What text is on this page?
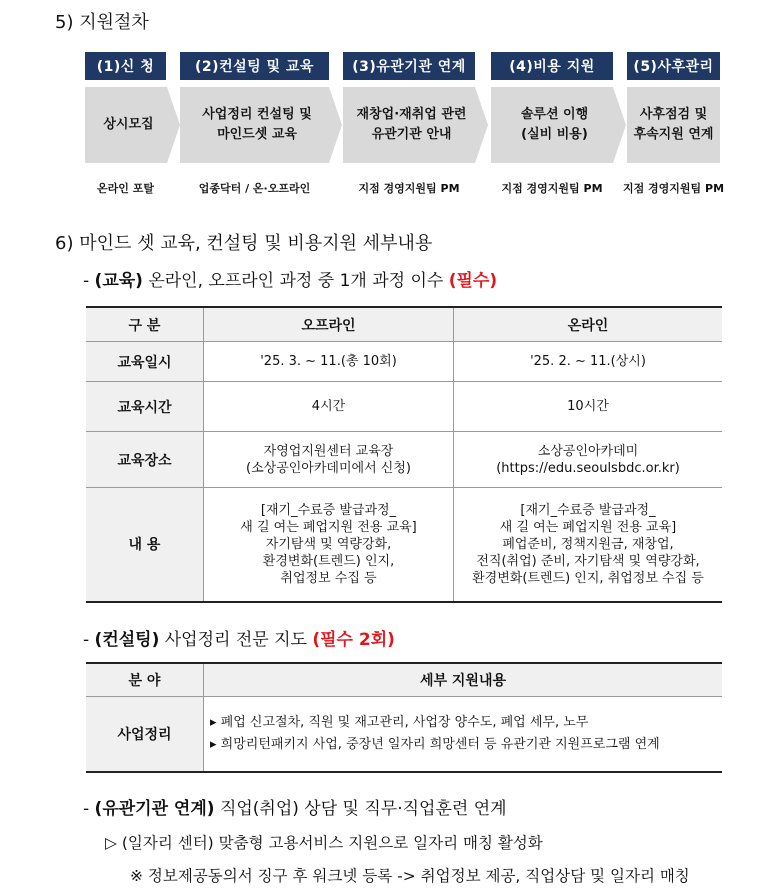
5) 지원절차
(1)신 청
상시모집
온라인 포탈
(2)컨설팅 및 교육
사업정리 컨설팅 및
마인드셋 교육
업종닥터 / 온·오프라인
(3)유관기관 연계
재창업·재취업 관련
유관기관 안내
지점 경영지원팀 PM
(4)비용 지원
솔루션 이행
(실비 비용)
지점 경영지원팀 PM
(5)사후관리
사후점검 및
후속지원 연계
지점 경영지원팀 PM
6) 마인드 셋 교육, 컨설팅 및 비용지원 세부내용
- (교육) 온라인, 오프라인 과정 중 1개 과정 이수 (필수)
구 분	오프라인	온라인
교육일시	'25. 3. ~ 11.(총 10회)	'25. 2. ~ 11.(상시)
교육시간	4시간	10시간
교육장소	자영업지원센터 교육장
(소상공인아카데미에서 신청)	소상공인아카데미
(https://edu.seoulsbdc.or.kr)
내 용	[재기_수료증 발급과정_
새 길 여는 폐업지원 전용 교육]
자기탐색 및 역량강화,
환경변화(트렌드) 인지,
취업정보 수집 등	[재기_수료증 발급과정_
새 길 여는 폐업지원 전용 교육]
폐업준비, 정책지원금, 재창업,
전직(취업) 준비, 자기탐색 및 역량강화,
환경변화(트렌드) 인지, 취업정보 수집 등
- (컨설팅) 사업정리 전문 지도 (필수 2회)
분 야	세부 지원내용
사업정리	▸ 폐업 신고절차, 직원 및 재고관리, 사업장 양수도, 폐업 세무, 노무
▸ 희망리턴패키지 사업, 중장년 일자리 희망센터 등 유관기관 지원프로그램 연계
- (유관기관 연계) 직업(취업) 상담 및 직무·직업훈련 연계
▷ (일자리 센터) 맞춤형 고용서비스 지원으로 일자리 매칭 활성화
※ 정보제공동의서 징구 후 워크넷 등록 -> 취업정보 제공, 직업상담 및 일자리 매칭
